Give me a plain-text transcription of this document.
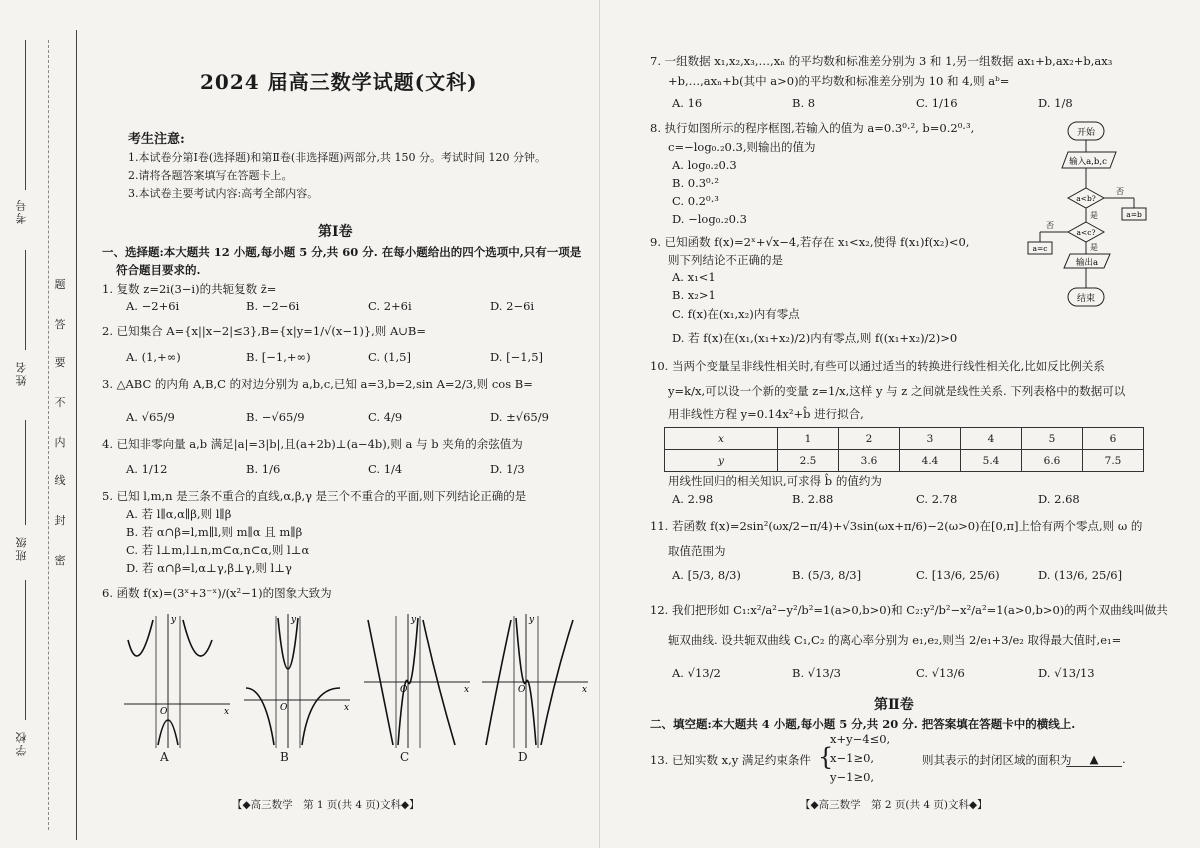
考号
姓名
班级
学校
题
答
要
不
内
线
封
密
2024 届高三数学试题(文科)
考生注意:
1.本试卷分第Ⅰ卷(选择题)和第Ⅱ卷(非选择题)两部分,共 150 分。考试时间 120 分钟。
2.请将各题答案填写在答题卡上。
3.本试卷主要考试内容:高考全部内容。
第Ⅰ卷
一、选择题:本大题共 12 小题,每小题 5 分,共 60 分. 在每小题给出的四个选项中,只有一项是
符合题目要求的.
1. 复数 z=2i(3−i)的共轭复数 z̄=
A. −2+6i	B. −2−6i	C. 2+6i	D. 2−6i
2. 已知集合 A={x||x−2|≤3},B={x|y=1/√(x−1)},则 A∪B=
A. (1,+∞)	B. [−1,+∞)	C. (1,5]	D. [−1,5]
3. △ABC 的内角 A,B,C 的对边分别为 a,b,c,已知 a=3,b=2,sin A=2/3,则 cos B=
A. √65/9	B. −√65/9	C. 4/9	D. ±√65/9
4. 已知非零向量 a,b 满足|a|=3|b|,且(a+2b)⊥(a−4b),则 a 与 b 夹角的余弦值为
A. 1/12	B. 1/6	C. 1/4	D. 1/3
5. 已知 l,m,n 是三条不重合的直线,α,β,γ 是三个不重合的平面,则下列结论正确的是
A. 若 l∥α,α∥β,则 l∥β
B. 若 α∩β=l,m∥l,则 m∥α 且 m∥β
C. 若 l⊥m,l⊥n,m⊂α,n⊂α,则 l⊥α
D. 若 α∩β=l,α⊥γ,β⊥γ,则 l⊥γ
6. 函数 f(x)=(3ˣ+3⁻ˣ)/(x²−1)的图象大致为
y
x
O
A
y
x
O
B
y
x
O
C
y
x
O
D
【◆高三数学　第 1 页(共 4 页)文科◆】
7. 一组数据 x₁,x₂,x₃,…,xₙ 的平均数和标准差分别为 3 和 1,另一组数据 ax₁+b,ax₂+b,ax₃
+b,…,axₙ+b(其中 a>0)的平均数和标准差分别为 10 和 4,则 aᵇ=
A. 16	B. 8	C. 1/16	D. 1/8
8. 执行如图所示的程序框图,若输入的值为 a=0.3⁰·², b=0.2⁰·³,
c=−log₀.₂0.3,则输出的值为
A. log₀.₂0.3
B. 0.3⁰·²
C. 0.2⁰·³
D. −log₀.₂0.3
9. 已知函数 f(x)=2ˣ+√x−4,若存在 x₁<x₂,使得 f(x₁)f(x₂)<0,
则下列结论不正确的是
A. x₁<1
B. x₂>1
C. f(x)在(x₁,x₂)内有零点
D. 若 f(x)在(x₁,(x₁+x₂)/2)内有零点,则 f((x₁+x₂)/2)>0
10. 当两个变量呈非线性相关时,有些可以通过适当的转换进行线性相关化,比如反比例关系
y=k/x,可以设一个新的变量 z=1/x,这样 y 与 z 之间就是线性关系. 下列表格中的数据可以
用非线性方程 y=0.14x²+b̂ 进行拟合,
用线性回归的相关知识,可求得 b̂ 的值约为
A. 2.98	B. 2.88	C. 2.78	D. 2.68
11. 若函数 f(x)=2sin²(ωx/2−π/4)+√3sin(ωx+π/6)−2(ω>0)在[0,π]上恰有两个零点,则 ω 的
取值范围为
A. [5/3, 8/3)	B. (5/3, 8/3]	C. [13/6, 25/6)	D. (13/6, 25/6]
12. 我们把形如 C₁:x²/a²−y²/b²=1(a>0,b>0)和 C₂:y²/b²−x²/a²=1(a>0,b>0)的两个双曲线叫做共
轭双曲线. 设共轭双曲线 C₁,C₂ 的离心率分别为 e₁,e₂,则当 2/e₁+3/e₂ 取得最大值时,e₁=
A. √13/2	B. √13/3	C. √13/6	D. √13/13
第Ⅱ卷
二、填空题:本大题共 4 小题,每小题 5 分,共 20 分. 把答案填在答题卡中的横线上.
13. 已知实数 x,y 满足约束条件 {
x+y−4≤0,
x−1≥0,
y−1≥0,
则其表示的封闭区域的面积为	▲ .
【◆高三数学　第 2 页(共 4 页)文科◆】
x	1	2	3	4	5	6
y	2.5	3.6	4.4	5.4	6.6	7.5
开始
输入a,b,c
a<b?
否
a=b
是
a<c?
否
a=c	是
输出a
结束
